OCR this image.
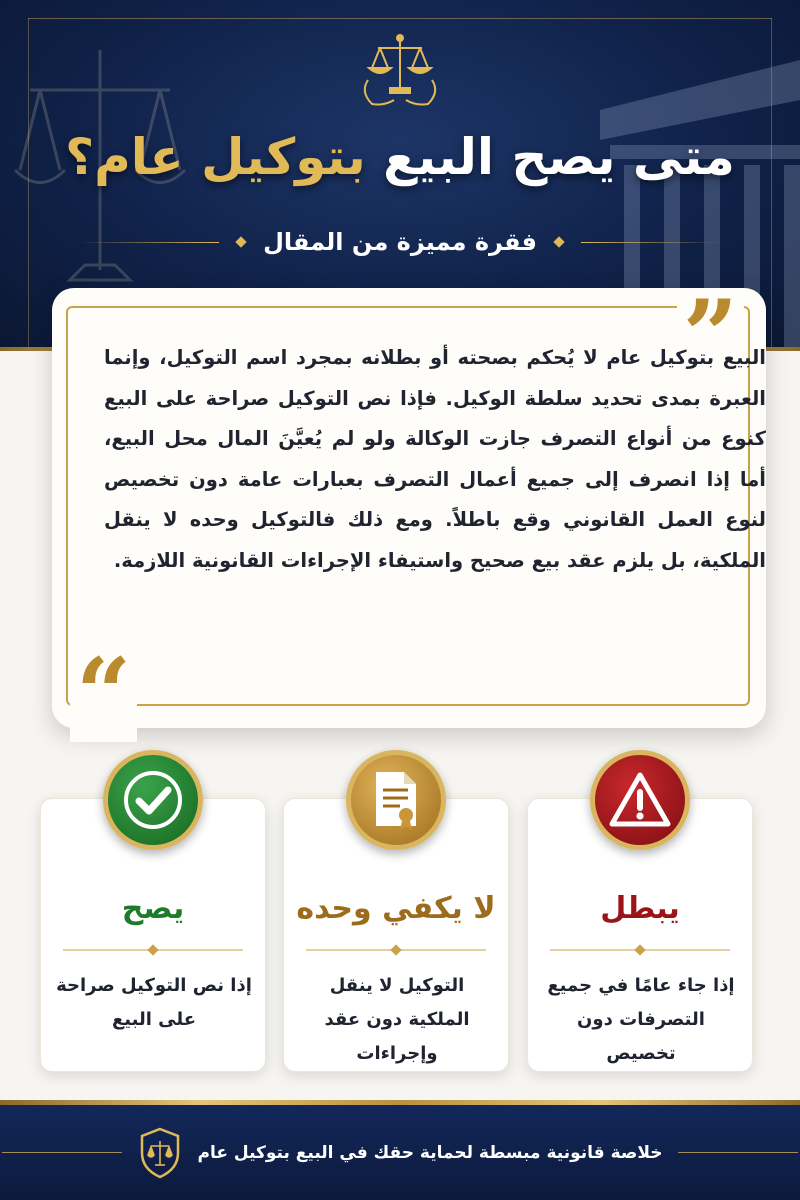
متى يصح البيع بتوكيل عام؟
فقرة مميزة من المقال
”
“

البيع بتوكيل عام لا يُحكم بصحته أو بطلانه بمجرد اسم التوكيل، وإنما العبرة بمدى تحديد سلطة الوكيل. فإذا نص التوكيل صراحة على البيع كنوع من أنواع التصرف جازت الوكالة ولو لم يُعيَّنَ المال محل البيع، أما إذا انصرف إلى جميع أعمال التصرف بعبارات عامة دون تخصيص لنوع العمل القانوني وقع باطلاً. ومع ذلك فالتوكيل وحده لا ينقل الملكية، بل يلزم عقد بيع صحيح واستيفاء الإجراءات القانونية اللازمة.

يصح
إذا نص التوكيل صراحة على البيع
لا يكفي وحده
التوكيل لا ينقل الملكية دون عقد وإجراءات
يبطل
إذا جاء عامًا في جميع التصرفات دون تخصيص
خلاصة قانونية مبسطة لحماية حقك في البيع بتوكيل عام
